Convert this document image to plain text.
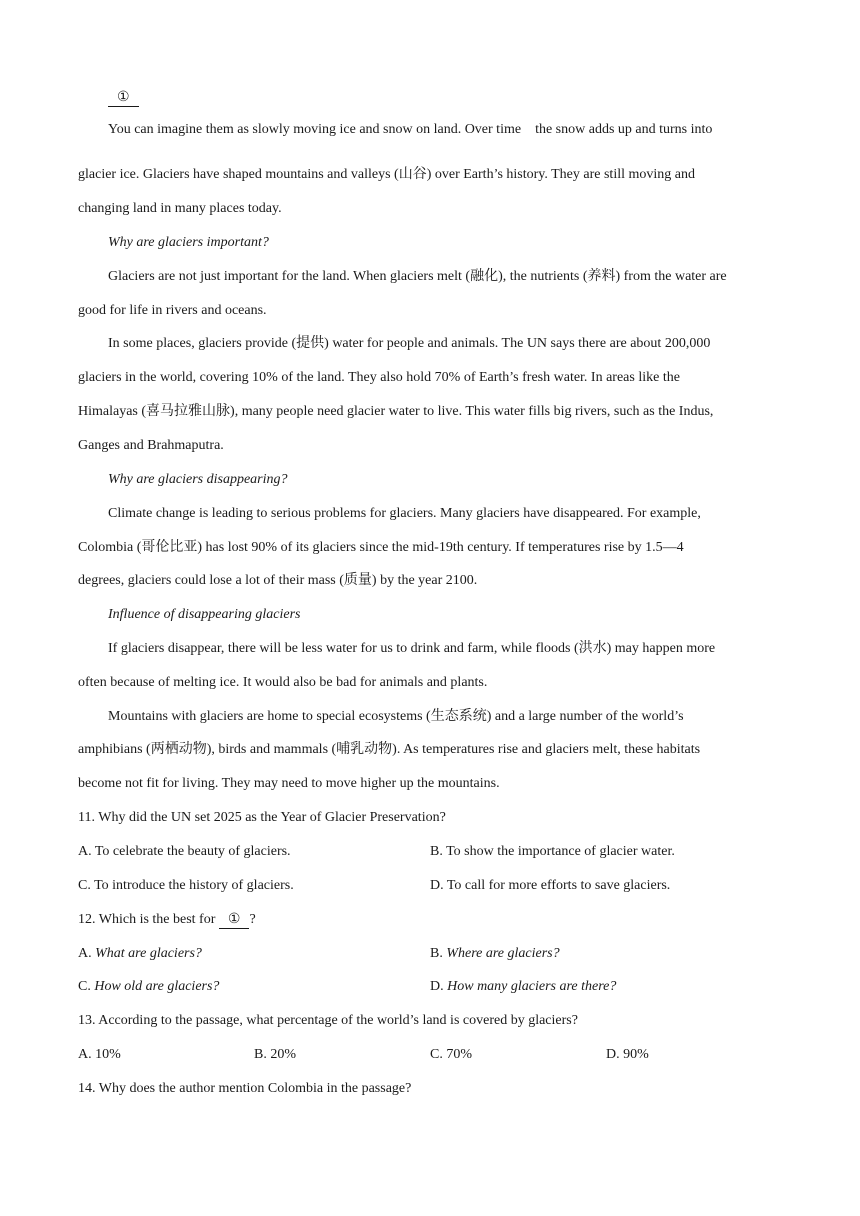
①
You can imagine them as slowly moving ice and snow on land. Over time the snow adds up and turns into
glacier ice. Glaciers have shaped mountains and valleys (山谷) over Earth’s history. They are still moving and
changing land in many places today.
Why are glaciers important?
Glaciers are not just important for the land. When glaciers melt (融化), the nutrients (养料) from the water are
good for life in rivers and oceans.
In some places, glaciers provide (提供) water for people and animals. The UN says there are about 200,000
glaciers in the world, covering 10% of the land. They also hold 70% of Earth’s fresh water. In areas like the
Himalayas (喜马拉雅山脉), many people need glacier water to live. This water fills big rivers, such as the Indus,
Ganges and Brahmaputra.
Why are glaciers disappearing?
Climate change is leading to serious problems for glaciers. Many glaciers have disappeared. For example,
Colombia (哥伦比亚) has lost 90% of its glaciers since the mid-19th century. If temperatures rise by 1.5—4
degrees, glaciers could lose a lot of their mass (质量) by the year 2100.
Influence of disappearing glaciers
If glaciers disappear, there will be less water for us to drink and farm, while floods (洪水) may happen more
often because of melting ice. It would also be bad for animals and plants.
Mountains with glaciers are home to special ecosystems (生态系统) and a large number of the world’s
amphibians (两栖动物), birds and mammals (哺乳动物). As temperatures rise and glaciers melt, these habitats
become not fit for living. They may need to move higher up the mountains.
11. Why did the UN set 2025 as the Year of Glacier Preservation?
A. To celebrate the beauty of glaciers.	B. To show the importance of glacier water.
C. To introduce the history of glaciers.	D. To call for more efforts to save glaciers.
12. Which is the best for ① ?
A. What are glaciers?	B. Where are glaciers?
C. How old are glaciers?	D. How many glaciers are there?
13. According to the passage, what percentage of the world’s land is covered by glaciers?
A. 10%	B. 20%	C. 70%	D. 90%
14. Why does the author mention Colombia in the passage?
